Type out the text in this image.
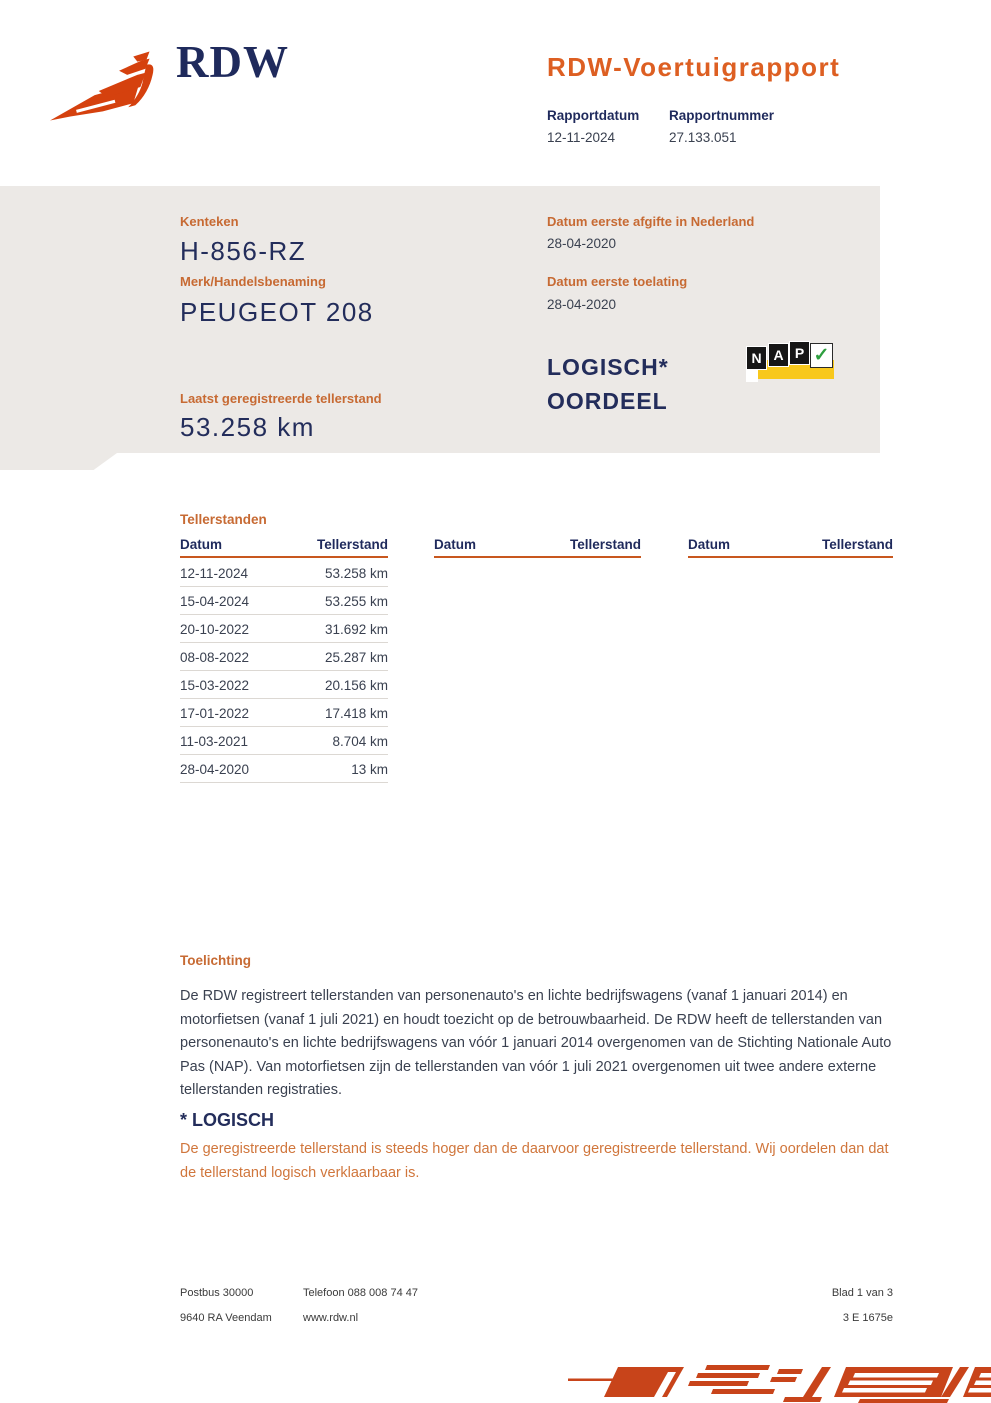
RDW	RDW-Voertuigrapport
Rapportdatum
12-11-2024
Rapportnummer
27.133.051
Kenteken
H-856-RZ
Merk/Handelsbenaming
PEUGEOT 208
Laatst geregistreerde tellerstand
53.258 km
Datum eerste afgifte in Nederland
28-04-2020
Datum eerste toelating
28-04-2020
LOGISCH*
OORDEEL
N A P ✓
Tellerstanden
Datum	Tellerstand	Datum	Tellerstand	Datum	Tellerstand
12-11-2024	53.258 km
15-04-2024	53.255 km
20-10-2022	31.692 km
08-08-2022	25.287 km
15-03-2022	20.156 km
17-01-2022	17.418 km
11-03-2021	8.704 km
28-04-2020	13 km
Toelichting
De RDW registreert tellerstanden van personenauto's en lichte bedrijfswagens (vanaf 1 januari 2014) en motorfietsen (vanaf 1 juli 2021) en houdt toezicht op de betrouwbaarheid. De RDW heeft de tellerstanden van personenauto's en lichte bedrijfswagens van vóór 1 januari 2014 overgenomen van de Stichting Nationale Auto Pas (NAP). Van motorfietsen zijn de tellerstanden van vóór 1 juli 2021 overgenomen uit twee andere externe tellerstanden registraties.
* LOGISCH
De geregistreerde tellerstand is steeds hoger dan de daarvoor geregistreerde tellerstand. Wij oordelen dan dat de tellerstand logisch verklaarbaar is.
Postbus 30000
9640 RA Veendam
Telefoon 088 008 74 47
www.rdw.nl
Blad 1 van 3
3 E 1675e
